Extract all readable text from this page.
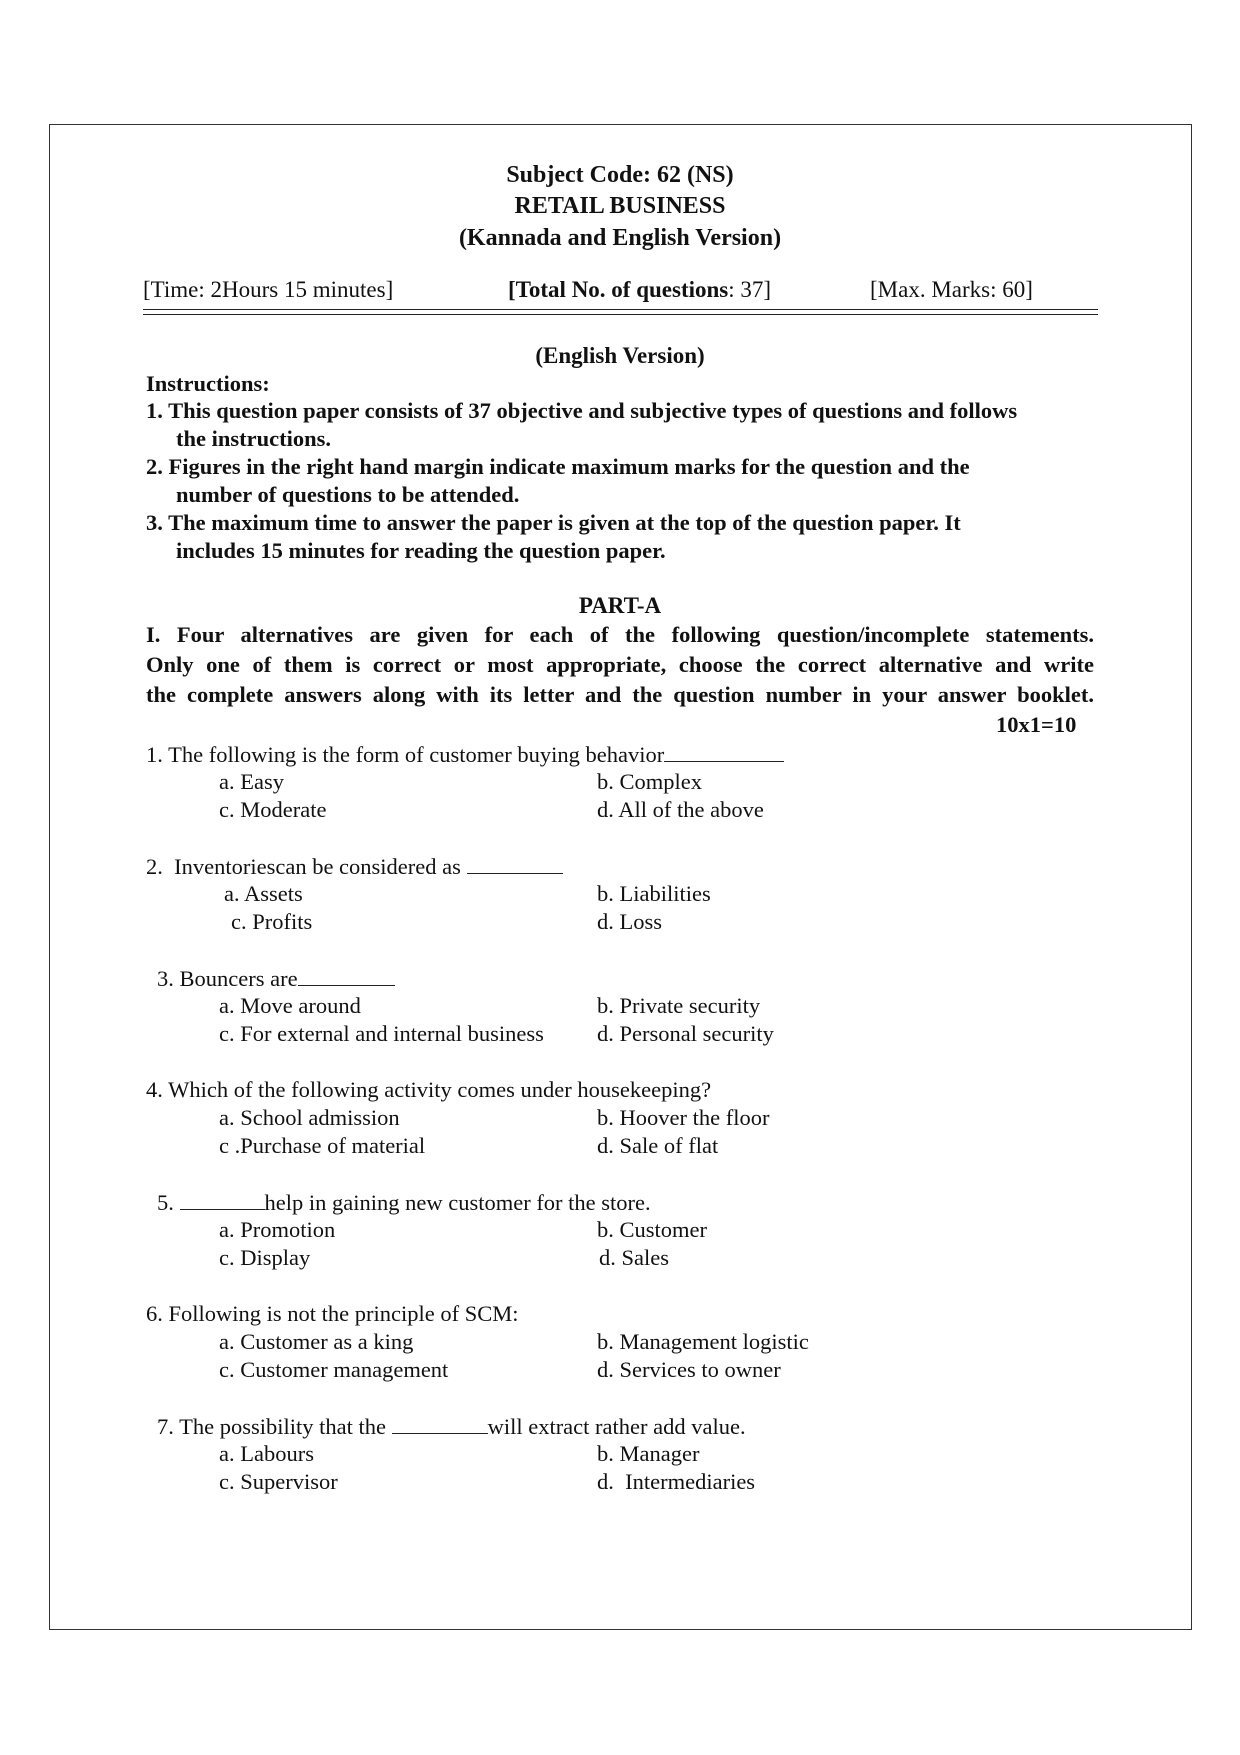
Subject Code: 62 (NS)
RETAIL BUSINESS
(Kannada and English Version)
[Time: 2Hours 15 minutes]	[Total No. of questions: 37]	[Max. Marks: 60]
(English Version)
Instructions:
1. This question paper consists of 37 objective and subjective types of questions and follows
the instructions.
2. Figures in the right hand margin indicate maximum marks for the question and the
number of questions to be attended.
3. The maximum time to answer the paper is given at the top of the question paper. It
includes 15 minutes for reading the question paper.
PART-A
I. Four alternatives are given for each of the following question/incomplete statements.
Only one of them is correct or most appropriate, choose the correct alternative and write
the complete answers along with its letter and the question number in your answer booklet.
10x1=10
1. The following is the form of customer buying behavior
a. Easy	b. Complex
c. Moderate	d. All of the above
2.  Inventoriescan be considered as
a. Assets	b. Liabilities
c. Profits	d. Loss
3. Bouncers are
a. Move around	b. Private security
c. For external and internal business d. Personal security
4. Which of the following activity comes under housekeeping?
a. School admission	b. Hoover the floor
c .Purchase of material	d. Sale of flat
5.	help in gaining new customer for the store.
a. Promotion	b. Customer
c. Display	d. Sales
6. Following is not the principle of SCM:
a. Customer as a king	b. Management logistic
c. Customer management	d. Services to owner
7. The possibility that the	will extract rather add value.
a. Labours	b. Manager
c. Supervisor	d.  Intermediaries
